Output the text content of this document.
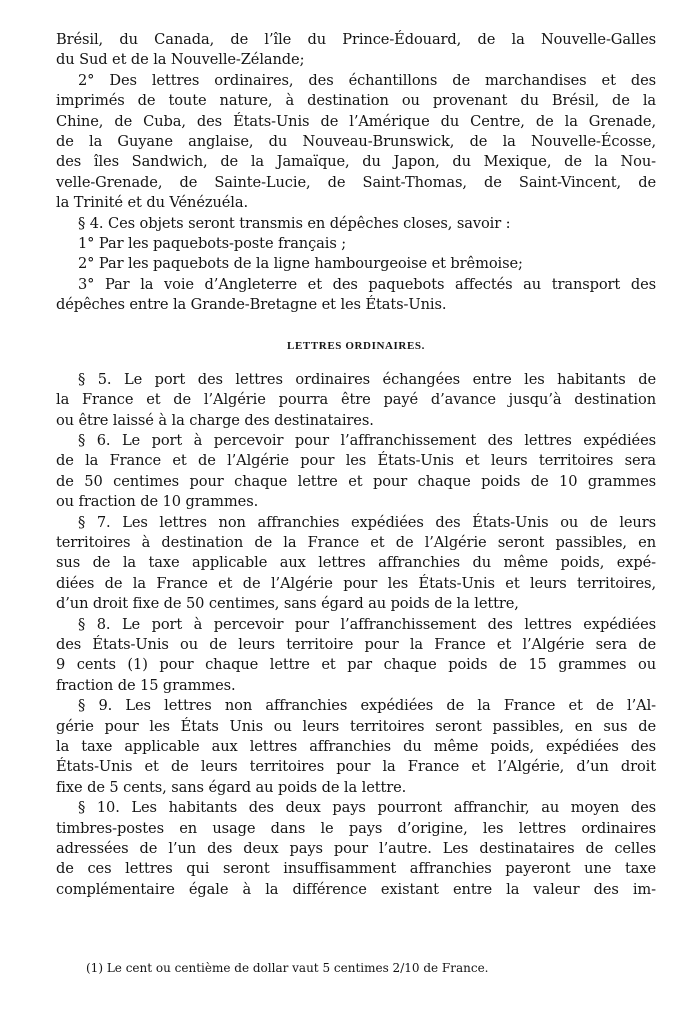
Brésil, du Canada, de l’île du Prince-Édouard, de la Nouvelle-Galles
du Sud et de la Nouvelle-Zélande;
2° Des lettres ordinaires, des échantillons de marchandises et des
imprimés de toute nature, à destination ou provenant du Brésil, de la
Chine, de Cuba, des États-Unis de l’Amérique du Centre, de la Grenade,
de la Guyane anglaise, du Nouveau-Brunswick, de la Nouvelle-Écosse,
des îles Sandwich, de la Jamaïque, du Japon, du Mexique, de la Nou-
velle-Grenade, de Sainte-Lucie, de Saint-Thomas, de Saint-Vincent, de
la Trinité et du Vénézuéla.
§ 4. Ces objets seront transmis en dépêches closes, savoir :
1° Par les paquebots-poste français ;
2° Par les paquebots de la ligne hambourgeoise et brêmoise;
3° Par la voie d’Angleterre et des paquebots affectés au transport des
dépêches entre la Grande-Bretagne et les États-Unis.
LETTRES ORDINAIRES.
§ 5. Le port des lettres ordinaires échangées entre les habitants de
la France et de l’Algérie pourra être payé d’avance jusqu’à destination
ou être laissé à la charge des destinataires.
§ 6. Le port à percevoir pour l’affranchissement des lettres expédiées
de la France et de l’Algérie pour les États-Unis et leurs territoires sera
de 50 centimes pour chaque lettre et pour chaque poids de 10 grammes
ou fraction de 10 grammes.
§ 7. Les lettres non affranchies expédiées des États-Unis ou de leurs
territoires à destination de la France et de l’Algérie seront passibles, en
sus de la taxe applicable aux lettres affranchies du même poids, expé-
diées de la France et de l’Algérie pour les États-Unis et leurs territoires,
d’un droit fixe de 50 centimes, sans égard au poids de la lettre,
§ 8. Le port à percevoir pour l’affranchissement des lettres expédiées
des États-Unis ou de leurs territoire pour la France et l’Algérie sera de
9 cents (1) pour chaque lettre et par chaque poids de 15 grammes ou
fraction de 15 grammes.
§ 9. Les lettres non affranchies expédiées de la France et de l’Al-
gérie pour les États Unis ou leurs territoires seront passibles, en sus de
la taxe applicable aux lettres affranchies du même poids, expédiées des
États-Unis et de leurs territoires pour la France et l’Algérie, d’un droit
fixe de 5 cents, sans égard au poids de la lettre.
§ 10. Les habitants des deux pays pourront affranchir, au moyen des
timbres-postes en usage dans le pays d’origine, les lettres ordinaires
adressées de l’un des deux pays pour l’autre. Les destinataires de celles
de ces lettres qui seront insuffisamment affranchies payeront une taxe
complémentaire égale à la différence existant entre la valeur des im-
(1) Le cent ou centième de dollar vaut 5 centimes 2/10 de France.
